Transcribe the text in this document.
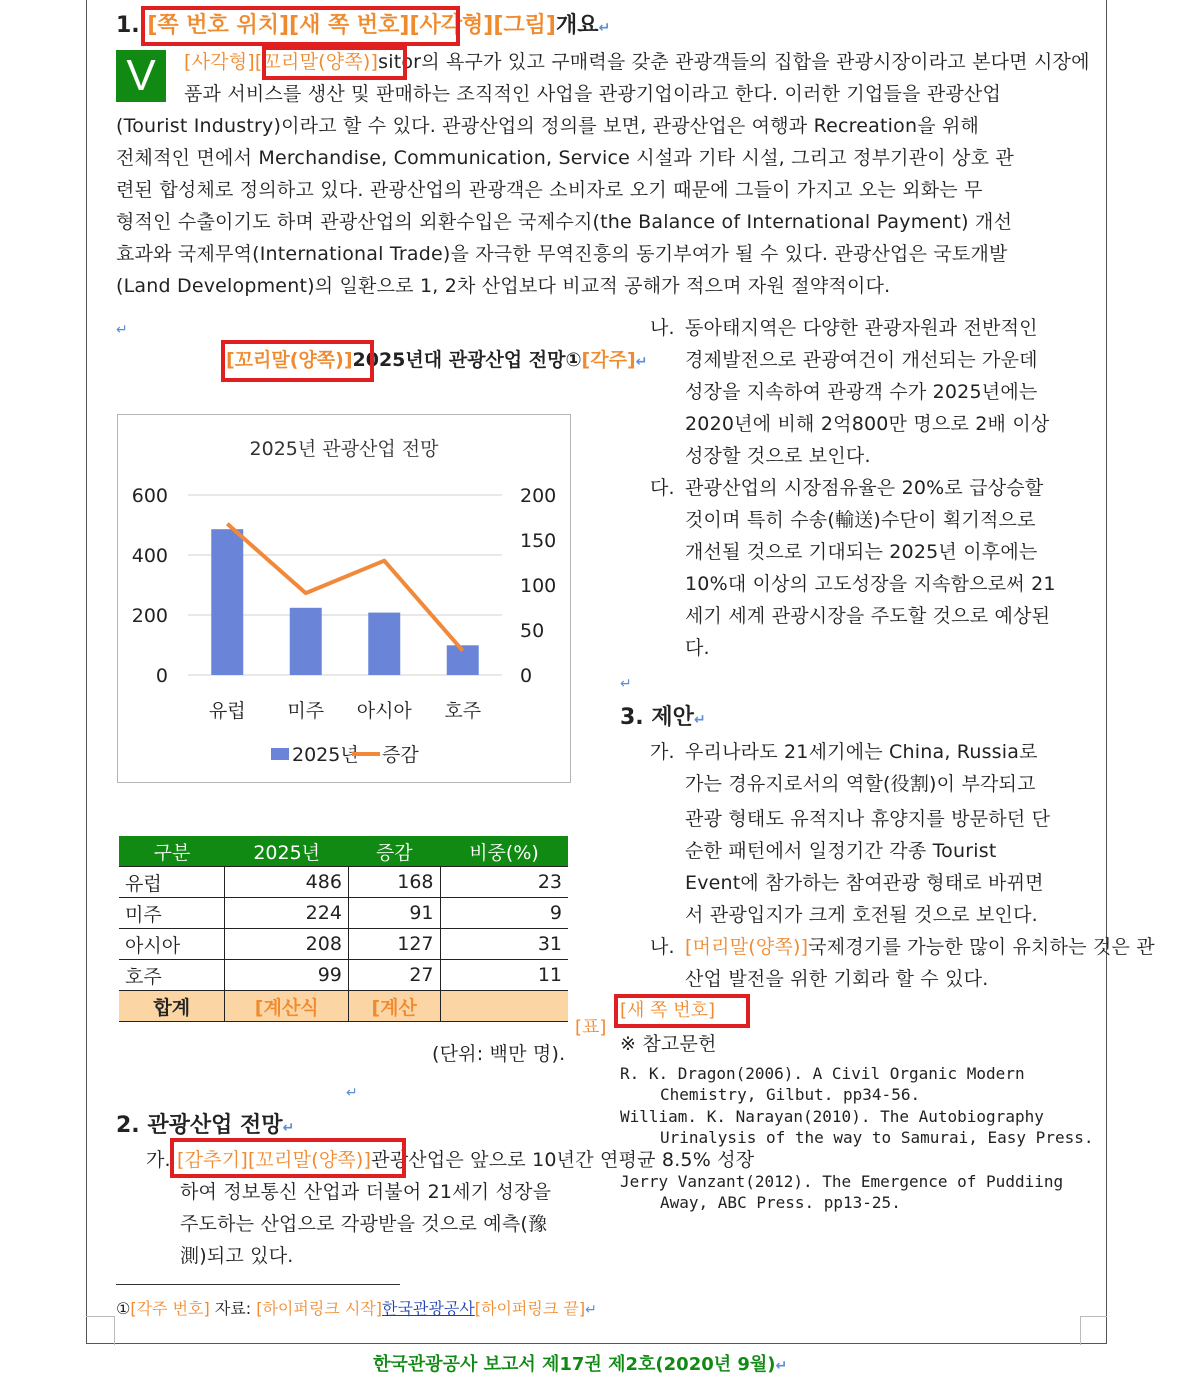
1. [쪽 번호 위치][새 쪽 번호][사각형][그림]개요↵
V	[사각형][꼬리말(양쪽)]sitor의 욕구가 있고 구매력을 갖춘 관광객들의 집합을 관광시장이라고 본다면 시장에
품과 서비스를 생산 및 판매하는 조직적인 사업을 관광기업이라고 한다. 이러한 기업들을 관광산업
(Tourist Industry)이라고 할 수 있다. 관광산업의 정의를 보면, 관광산업은 여행과 Recreation을 위해
전체적인 면에서 Merchandise, Communication, Service 시설과 기타 시설, 그리고 정부기관이 상호 관
련된 합성체로 정의하고 있다. 관광산업의 관광객은 소비자로 오기 때문에 그들이 가지고 오는 외화는 무
형적인 수출이기도 하며 관광산업의 외환수입은 국제수지(the Balance of International Payment) 개선
효과와 국제무역(International Trade)을 자극한 무역진흥의 동기부여가 될 수 있다. 관광산업은 국토개발
(Land Development)의 일환으로 1, 2차 산업보다 비교적 공해가 적으며 자원 절약적이다.
↵
[꼬리말(양쪽)]2025년대 관광산업 전망①[각주]↵
2025년 관광산업 전망
0
200
400
600
0
50
100
150
200
유럽 미주 아시아 호주
2025년 증감
구분	2025년	증감	비중(%)
유럽	486	168	23
미주	224	91	9
아시아	208	127	31
호주	99	27	11
합계	[계산식	[계산	
[표]
(단위: 백만 명).
↵
2. 관광산업 전망↵
가. [감추기][꼬리말(양쪽)]관광산업은 앞으로 10년간 연평균 8.5% 성장
하여 정보통신 산업과 더불어 21세기 성장을
주도하는 산업으로 각광받을 것으로 예측(豫
測)되고 있다.
나. 동아태지역은 다양한 관광자원과 전반적인
경제발전으로 관광여건이 개선되는 가운데
성장을 지속하여 관광객 수가 2025년에는
2020년에 비해 2억800만 명으로 2배 이상
성장할 것으로 보인다.
다. 관광산업의 시장점유율은 20%로 급상승할
것이며 특히 수송(輸送)수단이 획기적으로
개선될 것으로 기대되는 2025년 이후에는
10%대 이상의 고도성장을 지속함으로써 21
세기 세계 관광시장을 주도할 것으로 예상된
다.
↵
3. 제안↵
가. 우리나라도 21세기에는 China, Russia로
가는 경유지로서의 역할(役割)이 부각되고
관광 형태도 유적지나 휴양지를 방문하던 단
순한 패턴에서 일정기간 각종 Tourist
Event에 참가하는 참여관광 형태로 바뀌면
서 관광입지가 크게 호전될 것으로 보인다.
나. [머리말(양쪽)]국제경기를 가능한 많이 유치하는 것은 관
산업 발전을 위한 기회라 할 수 있다.
[새 쪽 번호]
※ 참고문헌
R. K. Dragon(2006). A Civil Organic Modern
Chemistry, Gilbut. pp34-56.
William. K. Narayan(2010). The Autobiography
Urinalysis of the way to Samurai, Easy Press.
Jerry Vanzant(2012). The Emergence of Puddiing
Away, ABC Press. pp13-25.
①[각주 번호] 자료: [하이퍼링크 시작]한국관광공사[하이퍼링크 끝]↵
한국관광공사 보고서 제17권 제2호(2020년 9월)↵
